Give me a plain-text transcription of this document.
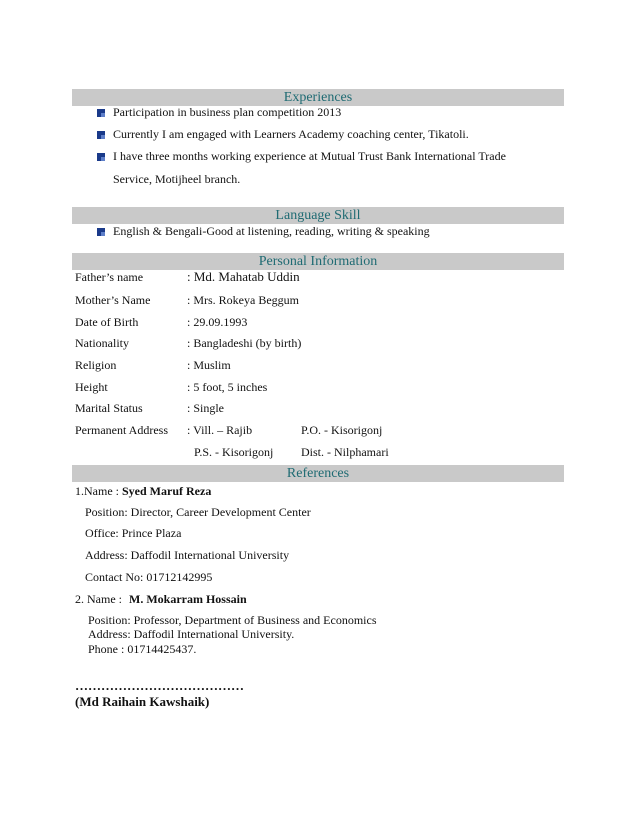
Experiences
Participation in business plan competition 2013
Currently I am engaged with Learners Academy coaching center, Tikatoli.
I have three months working experience at Mutual Trust Bank International Trade
Service, Motijheel branch.
Language Skill
English & Bengali-Good at listening, reading, writing & speaking
Personal Information
Father’s name	: Md. Mahatab Uddin
Mother’s Name	: Mrs. Rokeya Beggum
Date of Birth	: 29.09.1993
Nationality	: Bangladeshi (by birth)
Religion	: Muslim
Height	: 5 foot, 5 inches
Marital Status	: Single
Permanent Address : Vill. – Rajib	P.O. - Kisorigonj
P.S. - Kisorigonj Dist. - Nilphamari
References
1.Name : Syed Maruf Reza
Position: Director, Career Development Center
Office: Prince Plaza
Address: Daffodil International University
Contact No: 01712142995
2. Name : M. Mokarram Hossain
Position: Professor, Department of Business and Economics
Address: Daffodil International University.
Phone : 01714425437.
…………………………………
(Md Raihain Kawshaik)
